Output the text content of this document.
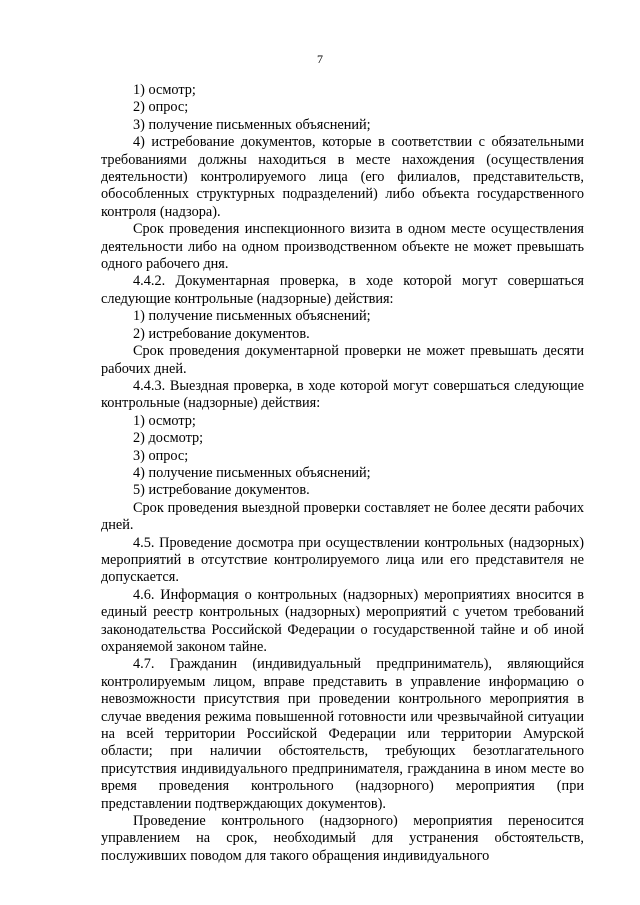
7

1) осмотр;

2) опрос;

3) получение письменных объяснений;

4) истребование документов, которые в соответствии с обязательными требованиями должны находиться в месте нахождения (осуществления деятельности) контролируемого лица (его филиалов, представительств, обособленных структурных подразделений) либо объекта государственного контроля (надзора).

Срок проведения инспекционного визита в одном месте осуществления деятельности либо на одном производственном объекте не может превышать одного рабочего дня.

4.4.2. Документарная проверка, в ходе которой могут совершаться следующие контрольные (надзорные) действия:

1) получение письменных объяснений;

2) истребование документов.

Срок проведения документарной проверки не может превышать десяти рабочих дней.

4.4.3. Выездная проверка, в ходе которой могут совершаться следующие контрольные (надзорные) действия:

1) осмотр;

2) досмотр;

3) опрос;

4) получение письменных объяснений;

5) истребование документов.

Срок проведения выездной проверки составляет не более десяти рабочих дней.

4.5. Проведение досмотра при осуществлении контрольных (надзорных) мероприятий в отсутствие контролируемого лица или его представителя не допускается.

4.6. Информация о контрольных (надзорных) мероприятиях вносится в единый реестр контрольных (надзорных) мероприятий с учетом требований законодательства Российской Федерации о государственной тайне и об иной охраняемой законом тайне.

4.7. Гражданин (индивидуальный предприниматель), являющийся контролируемым лицом, вправе представить в управление информацию о невозможности присутствия при проведении контрольного мероприятия в случае введения режима повышенной готовности или чрезвычайной ситуации на всей территории Российской Федерации или территории Амурской области; при наличии обстоятельств, требующих безотлагательного присутствия индивидуального предпринимателя, гражданина в ином месте во время проведения контрольного (надзорного) мероприятия (при представлении подтверждающих документов).

Проведение контрольного (надзорного) мероприятия переносится управлением на срок, необходимый для устранения обстоятельств, послуживших поводом для такого обращения индивидуального
